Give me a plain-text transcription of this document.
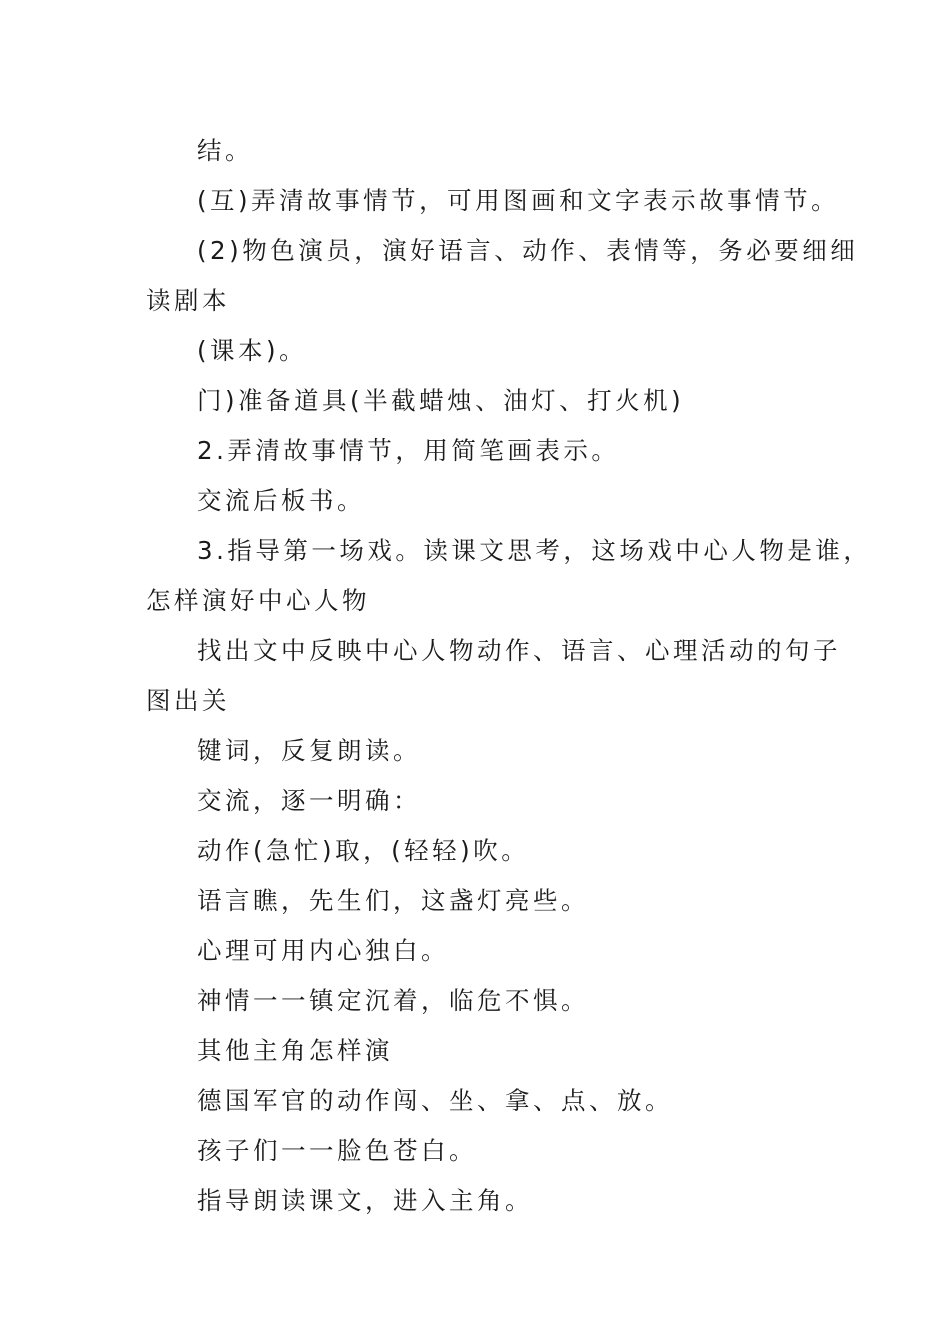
结。

(互)弄清故事情节，可用图画和文字表示故事情节。

(2)物色演员，演好语言、动作、表情等，务必要细细

读剧本

(课本)。

门)准备道具(半截蜡烛、油灯、打火机)

2.弄清故事情节，用简笔画表示。

交流后板书。

3.指导第一场戏。读课文思考，这场戏中心人物是谁，

怎样演好中心人物

找出文中反映中心人物动作、语言、心理活动的句子

图出关

键词，反复朗读。

交流，逐一明确：

动作(急忙)取，(轻轻)吹。

语言瞧，先生们，这盏灯亮些。

心理可用内心独白。

神情一一镇定沉着，临危不惧。

其他主角怎样演

德国军官的动作闯、坐、拿、点、放。

孩子们一一脸色苍白。

指导朗读课文，进入主角。
